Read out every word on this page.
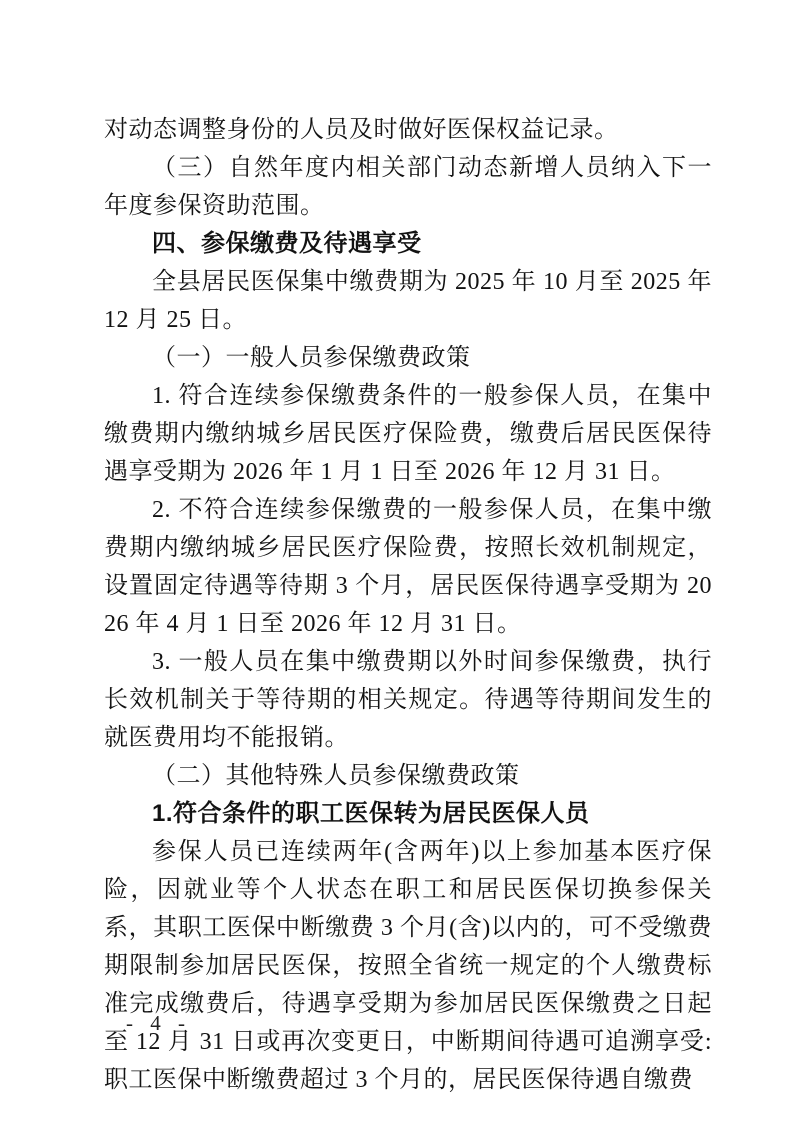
对动态调整身份的人员及时做好医保权益记录。

（三）自然年度内相关部门动态新增人员纳入下一年度参保资助范围。

四、参保缴费及待遇享受

全县居民医保集中缴费期为 2025 年 10 月至 2025 年 12 月 25 日。

（一）一般人员参保缴费政策

1. 符合连续参保缴费条件的一般参保人员，在集中缴费期内缴纳城乡居民医疗保险费，缴费后居民医保待遇享受期为 2026 年 1 月 1 日至 2026 年 12 月 31 日。

2. 不符合连续参保缴费的一般参保人员，在集中缴费期内缴纳城乡居民医疗保险费，按照长效机制规定，设置固定待遇等待期 3 个月，居民医保待遇享受期为 2026 年 4 月 1 日至 2026 年 12 月 31 日。

3. 一般人员在集中缴费期以外时间参保缴费，执行长效机制关于等待期的相关规定。待遇等待期间发生的就医费用均不能报销。

（二）其他特殊人员参保缴费政策

1.符合条件的职工医保转为居民医保人员

参保人员已连续两年(含两年)以上参加基本医疗保险，因就业等个人状态在职工和居民医保切换参保关系，其职工医保中断缴费 3 个月(含)以内的，可不受缴费期限制参加居民医保，按照全省统一规定的个人缴费标准完成缴费后，待遇享受期为参加居民医保缴费之日起至 12 月 31 日或再次变更日，中断期间待遇可追溯享受:职工医保中断缴费超过 3 个月的，居民医保待遇自缴费

- 4 -
